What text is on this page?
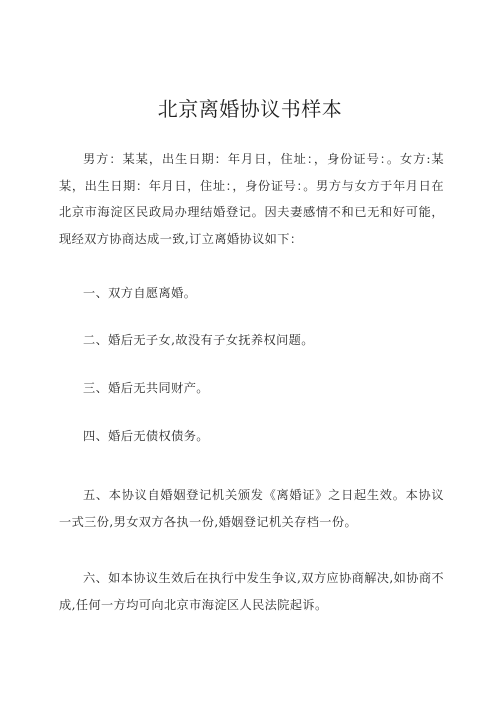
北京离婚协议书样本

男方：某某，出生日期：年月日，住址：，身份证号：。女方:某某，出生日期：年月日，住址：，身份证号：。男方与女方于年月日在北京市海淀区民政局办理结婚登记。因夫妻感情不和已无和好可能，现经双方协商达成一致,订立离婚协议如下：

一、双方自愿离婚。

二、婚后无子女,故没有子女抚养权问题。

三、婚后无共同财产。

四、婚后无债权债务。

五、本协议自婚姻登记机关颁发《离婚证》之日起生效。本协议一式三份,男女双方各执一份,婚姻登记机关存档一份。

六、如本协议生效后在执行中发生争议,双方应协商解决,如协商不成,任何一方均可向北京市海淀区人民法院起诉。
